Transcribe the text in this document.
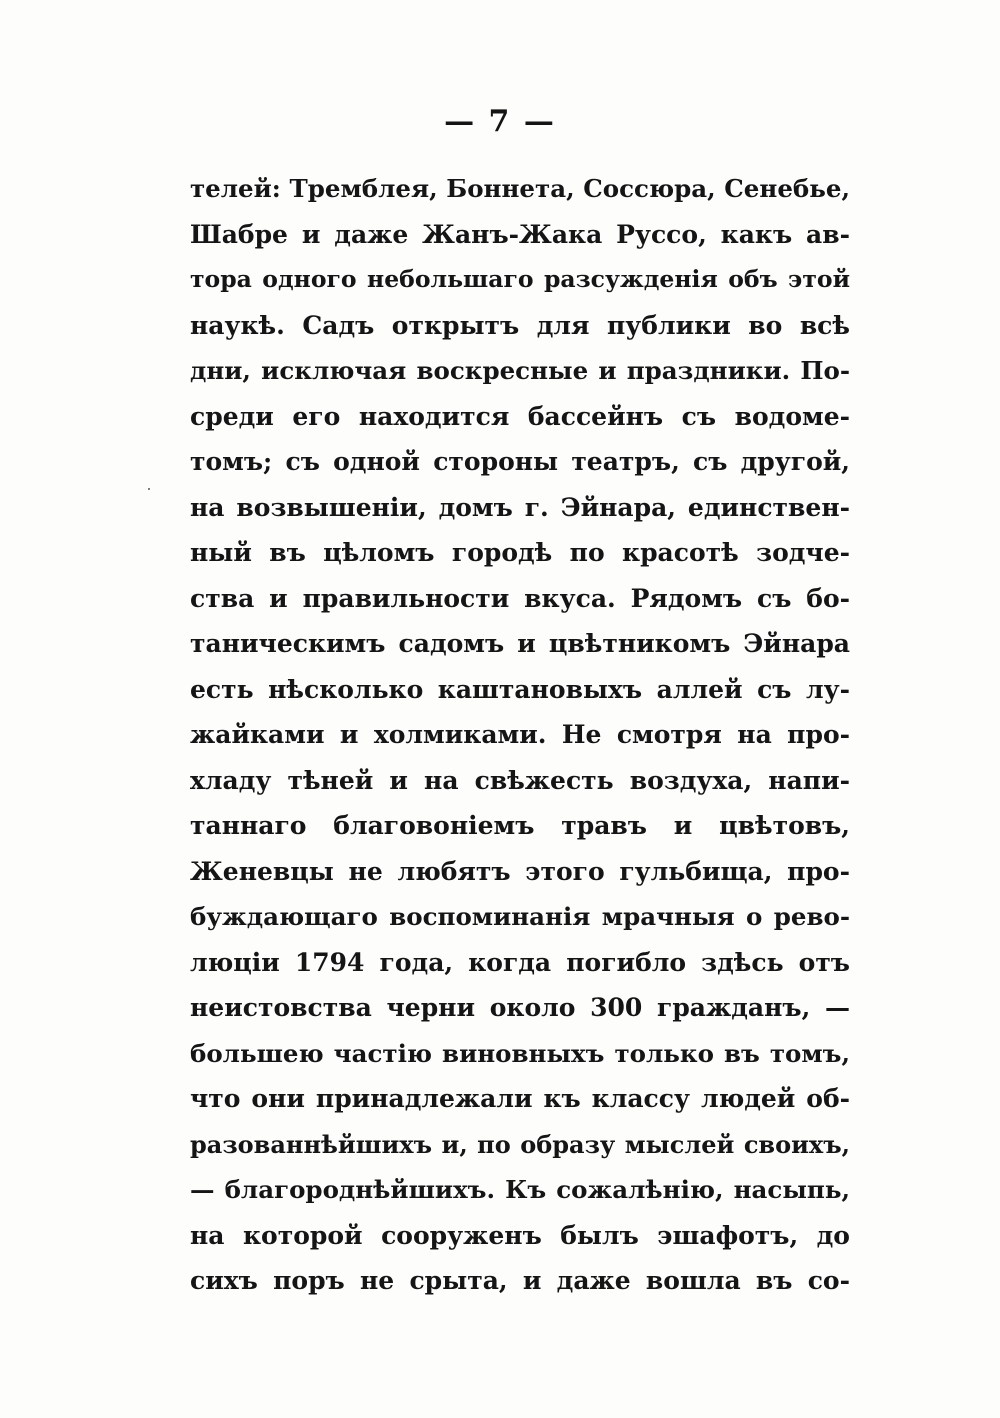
— 7 —
телей: Тремблея, Боннета, Соссюра, Сенебье,
Шабре и даже Жанъ-Жака Руссо, какъ ав-
тора одного небольшаго разсужденія объ этой
наукѣ. Садъ открытъ для публики во всѣ
дни, исключая воскресные и праздники. По-
среди его находится бассейнъ съ водоме-
томъ; съ одной стороны театръ, съ другой,
на возвышеніи, домъ г. Эйнара, единствен-
ный въ цѣломъ городѣ по красотѣ зодче-
ства и правильности вкуса. Рядомъ съ бо-
таническимъ садомъ и цвѣтникомъ Эйнара
есть нѣсколько каштановыхъ аллей съ лу-
жайками и холмиками. Не смотря на про-
хладу тѣней и на свѣжесть воздуха, напи-
таннаго благовоніемъ травъ и цвѣтовъ,
Женевцы не любятъ этого гульбища, про-
буждающаго воспоминанія мрачныя о рево-
люціи 1794 года, когда погибло здѣсь отъ
неистовства черни около 300 гражданъ, —
большею частію виновныхъ только въ томъ,
что они принадлежали къ классу людей об-
разованнѣйшихъ и, по образу мыслей своихъ,
— благороднѣйшихъ. Къ сожалѣнію, насыпь,
на которой сооруженъ былъ эшафотъ, до
сихъ поръ не срыта, и даже вошла въ со-
